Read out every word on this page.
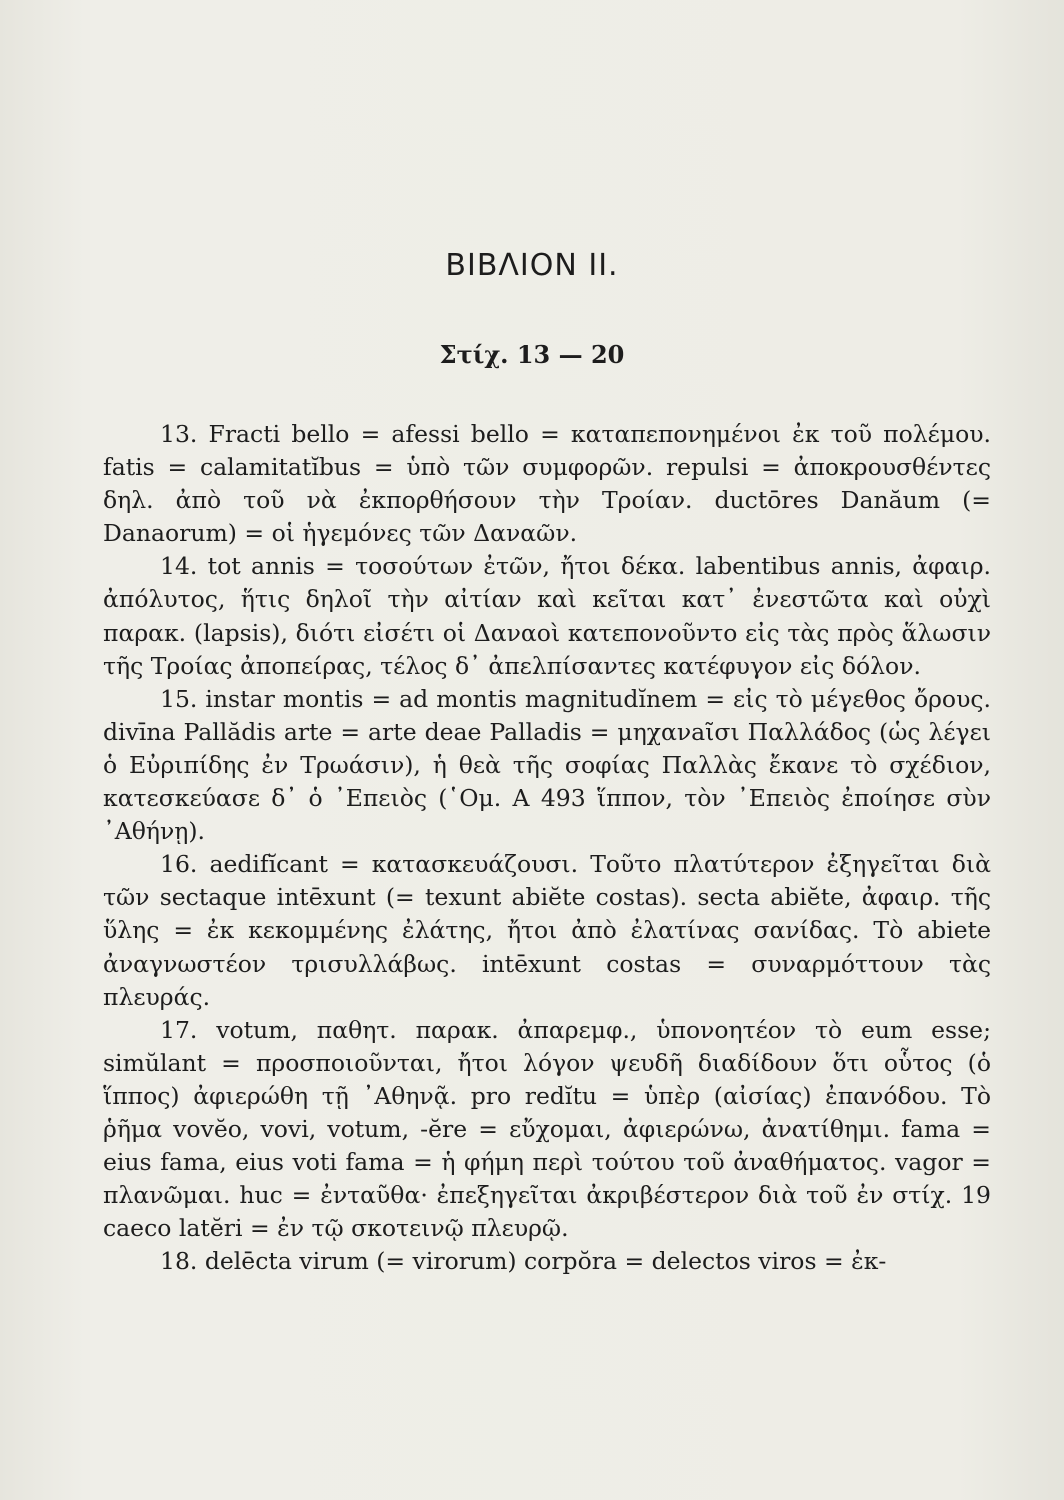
ΒΙΒΛΙΟΝ ΙΙ.
Στίχ. 13 — 20

13. Fracti bello = afessi bello = καταπεπονημένοι ἐκ τοῦ πολέμου. fatis = calamitatĭbus = ὑπὸ τῶν συμφορῶν. repulsi = ἀποκρουσθέντες δηλ. ἀπὸ τοῦ νὰ ἐκπορθήσουν τὴν Τροίαν. ductōres Danăum (= Danaorum) = οἱ ἡγεμόνες τῶν Δαναῶν.

14. tot annis = τοσούτων ἐτῶν, ἤτοι δέκα. labentibus annis, ἀφαιρ. ἀπόλυτος, ἥτις δηλοῖ τὴν αἰτίαν καὶ κεῖται κατ᾽ ἐνεστῶτα καὶ οὐχὶ παρακ. (lapsis), διότι εἰσέτι οἱ Δαναοὶ κατεπονοῦντο εἰς τὰς πρὸς ἅλωσιν τῆς Τροίας ἀποπείρας, τέλος δ᾽ ἀπελπίσαντες κατέφυγον εἰς δόλον.

15. instar montis = ad montis magnitudĭnem = εἰς τὸ μέγεθος ὄρους. divīna Pallădis arte = arte deae Palladis = μηχανaῖσι Παλλάδος (ὡς λέγει ὁ Εὐριπίδης ἐν Τρωάσιν), ἡ θεὰ τῆς σοφίας Παλλὰς ἔκανε τὸ σχέδιον, κατεσκεύασε δ᾽ ὁ ᾿Επειὸς (῾Ομ. Α 493 ἵππον, τὸν ᾿Επειὸς ἐποίησε σὺν ᾿Αθήνῃ).

16. aedifĭcant = κατασκευάζουσι. Τοῦτο πλατύτερον ἐξηγεῖται διὰ τῶν sectaque intēxunt (= texunt abiĕte costas). secta abiĕte, ἀφαιρ. τῆς ὕλης = ἐκ κεκομμένης ἐλάτης, ἤτοι ἀπὸ ἐλατίνας σανίδας. Τὸ abiete ἀναγνωστέον τρισυλλάβως. intēxunt costas = συναρμόττουν τὰς πλευράς.

17. votum, παθητ. παρακ. ἀπαρεμφ., ὑπονοητέον τὸ eum esse; simŭlant = προσποιοῦνται, ἤτοι λόγον ψευδῆ διαδίδουν ὅτι οὗτος (ὁ ἵππος) ἀφιερώθη τῇ ᾿Αθηνᾷ. pro redĭtu = ὑπὲρ (αἰσίας) ἐπανόδου. Τὸ ῥῆμα vovĕo, vovi, votum, -ĕre = εὔχομαι, ἀφιερώνω, ἀνατίθημι. fama = eius fama, eius voti fama = ἡ φήμη περὶ τούτου τοῦ ἀναθήματος. vagor = πλανῶμαι. huc = ἐνταῦθα· ἐπεξηγεῖται ἀκριβέστερον διὰ τοῦ ἐν στίχ. 19 caeco latĕri = ἐν τῷ σκοτεινῷ πλευρῷ.

18. delēcta virum (= virorum) corpŏra = delectos viros = ἐκ-
